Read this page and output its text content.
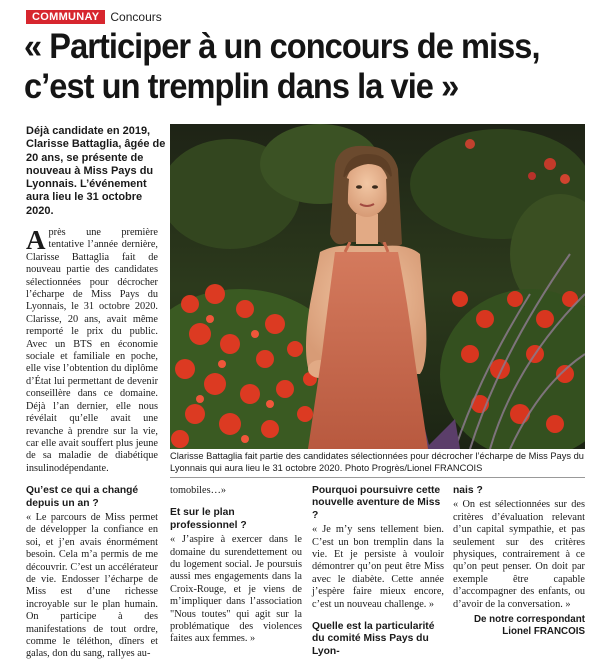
COMMUNAY Concours
« Participer à un concours de miss,
c’est un tremplin dans la vie »
Déjà candidate en 2019, Clarisse Battaglia, âgée de 20 ans, se présente de nouveau à Miss Pays du Lyonnais. L’événement aura lieu le 31 octobre 2020.

Après une première tentative l’année dernière, Clarisse Battaglia fait de nouveau partie des candidates sélectionnées pour décrocher l’écharpe de Miss Pays du Lyonnais, le 31 octobre 2020. Clarisse, 20 ans, avait même remporté le prix du public. Avec un BTS en économie sociale et familiale en poche, elle vise l’obtention du diplôme d’État lui permettant de devenir conseillère dans ce domaine. Déjà l’an dernier, elle nous révélait qu’elle avait une revanche à prendre sur la vie, car elle avait souffert plus jeune de sa maladie de diabétique insulinodépendante.

Qu’est ce qui a changé depuis un an ?

« Le parcours de Miss permet de développer la confiance en soi, et j’en avais énormément besoin. Cela m’a permis de me découvrir. C’est un accélérateur de vie. Endosser l’écharpe de Miss est d’une richesse incroyable sur le plan humain. On participe à des manifestations de tout ordre, comme le téléthon, dîners et galas, don du sang, rallyes au-

Clarisse Battaglia fait partie des candidates sélectionnées pour décrocher l’écharpe de Miss Pays du Lyonnais qui aura lieu le 31 octobre 2020. Photo Progrès/Lionel FRANCOIS

tomobiles…»

Et sur le plan professionnel ?

« J’aspire à exercer dans le domaine du surendettement ou du logement social. Je poursuis aussi mes engagements dans la Croix-Rouge, et je viens de m’impliquer dans l’association "Nous toutes" qui agit sur la problématique des violences faites aux femmes. »

Pourquoi poursuivre cette nouvelle aventure de Miss ?

« Je m’y sens tellement bien. C’est un bon tremplin dans la vie. Et je persiste à vouloir démontrer qu’on peut être Miss avec le diabète. Cette année j’espère faire mieux encore, c’est un nouveau challenge. »

Quelle est la particularité du comité Miss Pays du Lyon-
nais ?

« On est sélectionnées sur des critères d’évaluation relevant d’un capital sympathie, et pas seulement sur des critères physiques, contrairement à ce qu’on peut penser. On doit par exemple être capable d’accompagner des enfants, ou d’avoir de la conversation. »

De notre correspondant
Lionel FRANCOIS
